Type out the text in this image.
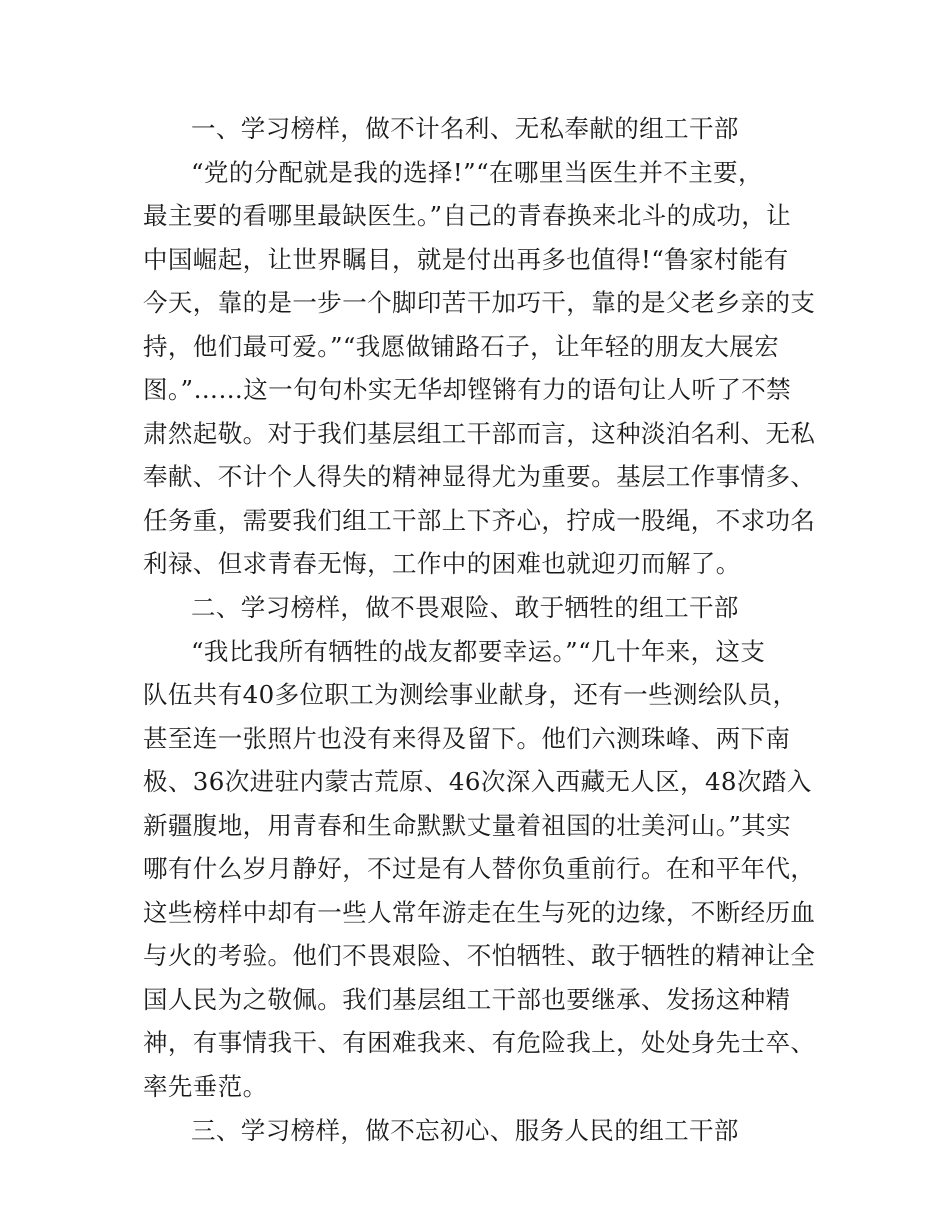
一、学习榜样，做不计名利、无私奉献的组工干部
“党的分配就是我的选择!”“在哪里当医生并不主要，
最主要的看哪里最缺医生。”自己的青春换来北斗的成功，让
中国崛起，让世界瞩目，就是付出再多也值得!“鲁家村能有
今天，靠的是一步一个脚印苦干加巧干，靠的是父老乡亲的支
持，他们最可爱。”“我愿做铺路石子，让年轻的朋友大展宏
图。”……这一句句朴实无华却铿锵有力的语句让人听了不禁
肃然起敬。对于我们基层组工干部而言，这种淡泊名利、无私
奉献、不计个人得失的精神显得尤为重要。基层工作事情多、
任务重，需要我们组工干部上下齐心，拧成一股绳，不求功名
利禄、但求青春无悔，工作中的困难也就迎刃而解了。
二、学习榜样，做不畏艰险、敢于牺牲的组工干部
“我比我所有牺牲的战友都要幸运。”“几十年来，这支
队伍共有40多位职工为测绘事业献身，还有一些测绘队员，
甚至连一张照片也没有来得及留下。他们六测珠峰、两下南
极、36次进驻内蒙古荒原、46次深入西藏无人区，48次踏入
新疆腹地，用青春和生命默默丈量着祖国的壮美河山。”其实
哪有什么岁月静好，不过是有人替你负重前行。在和平年代，
这些榜样中却有一些人常年游走在生与死的边缘，不断经历血
与火的考验。他们不畏艰险、不怕牺牲、敢于牺牲的精神让全
国人民为之敬佩。我们基层组工干部也要继承、发扬这种精
神，有事情我干、有困难我来、有危险我上，处处身先士卒、
率先垂范。
三、学习榜样，做不忘初心、服务人民的组工干部
